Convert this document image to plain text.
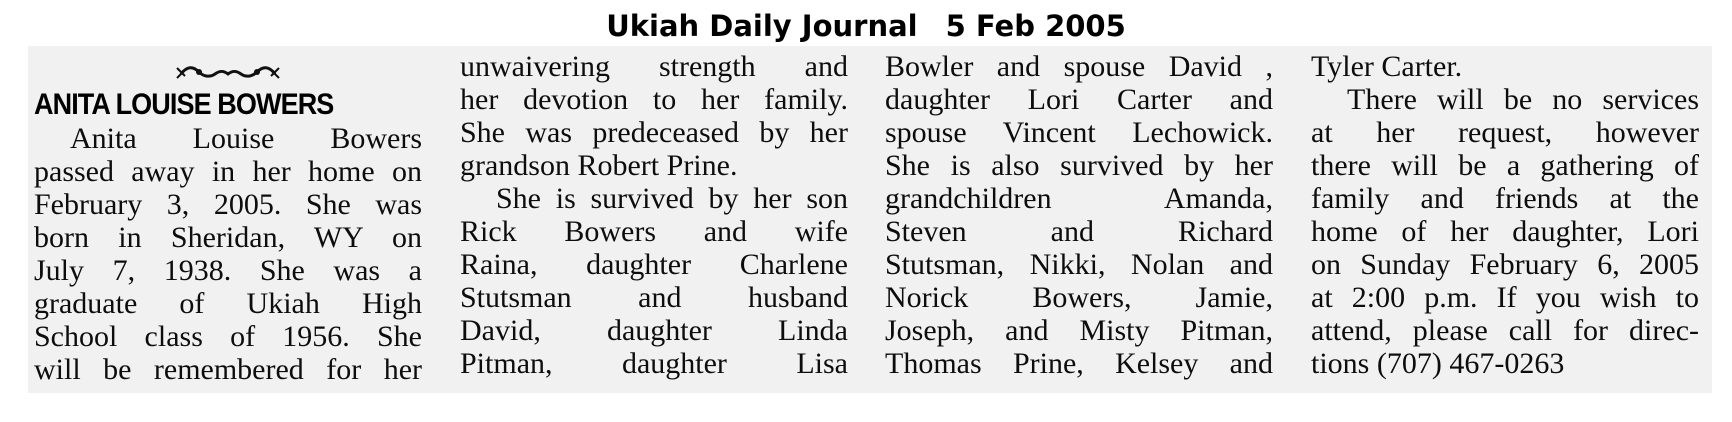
Ukiah Daily Journal 5 Feb 2005
ANITA LOUISE BOWERS
Anita Louise Bowers
passed away in her home on
February 3, 2005. She was
born in Sheridan, WY on
July 7, 1938. She was a
graduate of Ukiah High
School class of 1956. She
will be remembered for her
unwaivering strength and
her devotion to her family.
She was predeceased by her
grandson Robert Prine.
She is survived by her son
Rick Bowers and wife
Raina, daughter Charlene
Stutsman and husband
David, daughter Linda
Pitman, daughter Lisa
Bowler and spouse David ,
daughter Lori Carter and
spouse Vincent Lechowick.
She is also survived by her
grandchildren Amanda,
Steven and Richard
Stutsman, Nikki, Nolan and
Norick Bowers, Jamie,
Joseph, and Misty Pitman,
Thomas Prine, Kelsey and
Tyler Carter.
There will be no services
at her request, however
there will be a gathering of
family and friends at the
home of her daughter, Lori
on Sunday February 6, 2005
at 2:00 p.m. If you wish to
attend, please call for direc-
tions (707) 467-0263
